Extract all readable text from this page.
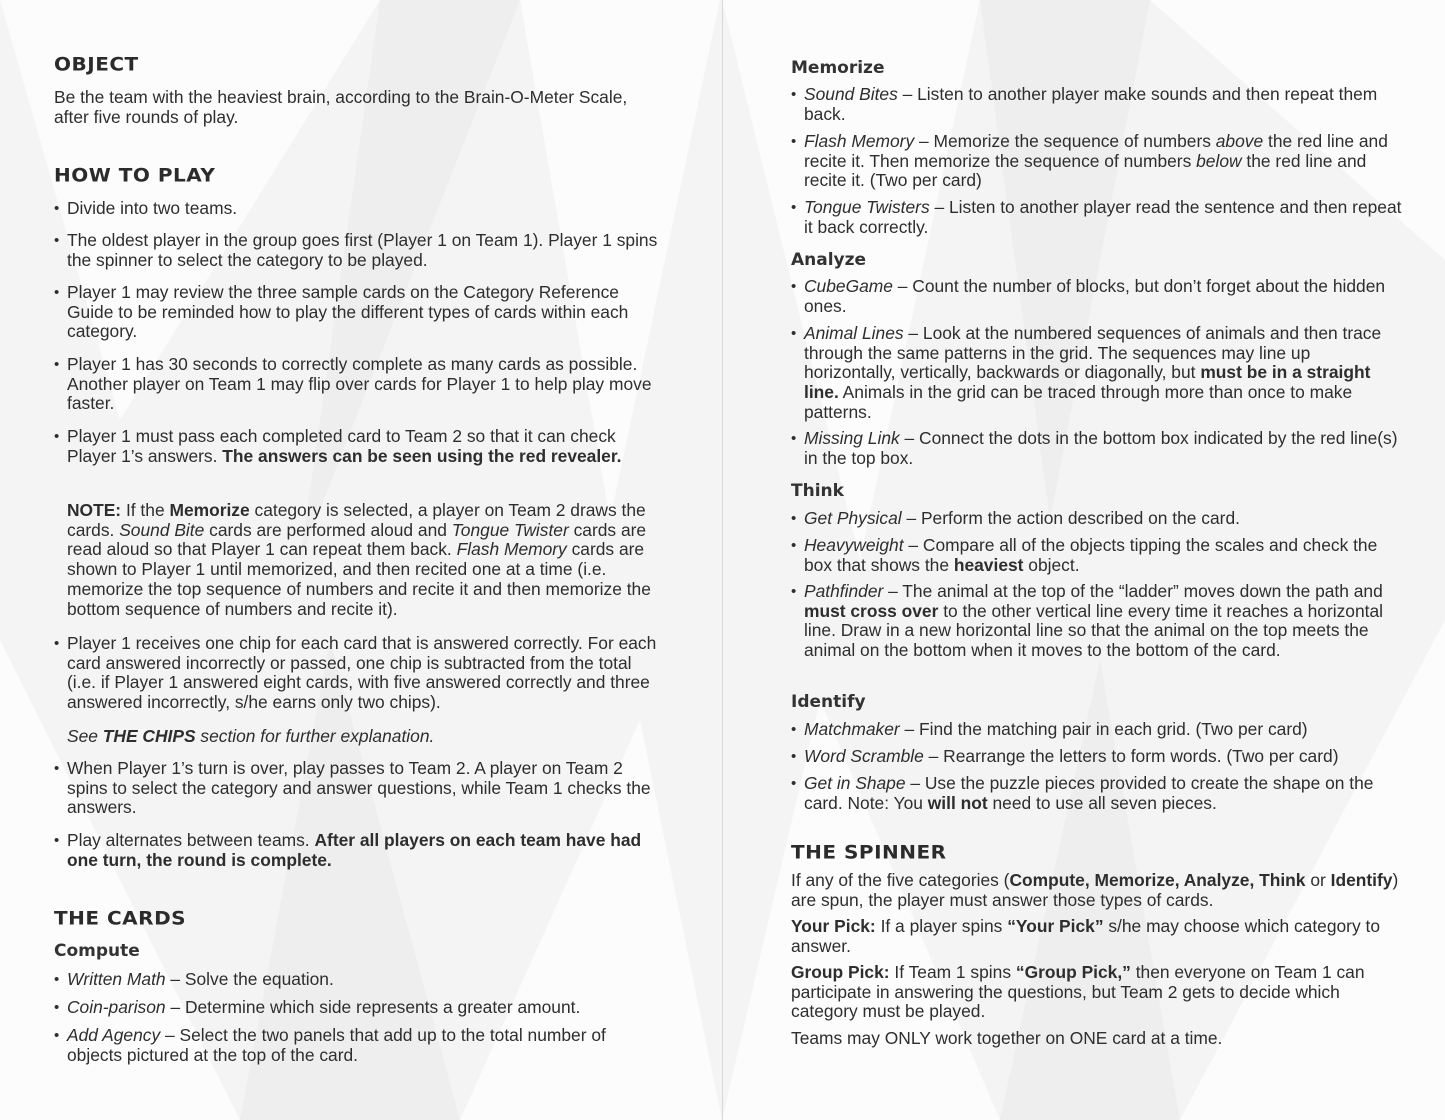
OBJECT

Be the team with the heaviest brain, according to the Brain-O-Meter Scale, after five rounds of play.

HOW TO PLAY

• Divide into two teams.

• The oldest player in the group goes first (Player 1 on Team 1). Player 1 spins the spinner to select the category to be played.

• Player 1 may review the three sample cards on the Category Reference Guide to be reminded how to play the different types of cards within each category.

• Player 1 has 30 seconds to correctly complete as many cards as possible. Another player on Team 1 may flip over cards for Player 1 to help play move faster.

• Player 1 must pass each completed card to Team 2 so that it can check Player 1’s answers. The answers can be seen using the red revealer.

NOTE: If the Memorize category is selected, a player on Team 2 draws the cards. Sound Bite cards are performed aloud and Tongue Twister cards are read aloud so that Player 1 can repeat them back. Flash Memory cards are shown to Player 1 until memorized, and then recited one at a time (i.e. memorize the top sequence of numbers and recite it and then memorize the bottom sequence of numbers and recite it).

• Player 1 receives one chip for each card that is answered correctly. For each card answered incorrectly or passed, one chip is subtracted from the total (i.e. if Player 1 answered eight cards, with five answered correctly and three answered incorrectly, s/he earns only two chips).

See THE CHIPS section for further explanation.

• When Player 1’s turn is over, play passes to Team 2. A player on Team 2 spins to select the category and answer questions, while Team 1 checks the answers.

• Play alternates between teams. After all players on each team have had one turn, the round is complete.

THE CARDS
Compute

• Written Math – Solve the equation.

• Coin-parison – Determine which side represents a greater amount.

• Add Agency – Select the two panels that add up to the total number of objects pictured at the top of the card.

Memorize

• Sound Bites – Listen to another player make sounds and then repeat them back.

• Flash Memory – Memorize the sequence of numbers above the red line and recite it. Then memorize the sequence of numbers below the red line and recite it. (Two per card)

• Tongue Twisters – Listen to another player read the sentence and then repeat it back correctly.

Analyze

• CubeGame – Count the number of blocks, but don’t forget about the hidden ones.

• Animal Lines – Look at the numbered sequences of animals and then trace through the same patterns in the grid. The sequences may line up horizontally, vertically, backwards or diagonally, but must be in a straight line. Animals in the grid can be traced through more than once to make patterns.

• Missing Link – Connect the dots in the bottom box indicated by the red line(s) in the top box.

Think

• Get Physical – Perform the action described on the card.

• Heavyweight – Compare all of the objects tipping the scales and check the box that shows the heaviest object.

• Pathfinder – The animal at the top of the “ladder” moves down the path and must cross over to the other vertical line every time it reaches a horizontal line. Draw in a new horizontal line so that the animal on the top meets the animal on the bottom when it moves to the bottom of the card.

Identify

• Matchmaker – Find the matching pair in each grid. (Two per card)

• Word Scramble – Rearrange the letters to form words. (Two per card)

• Get in Shape – Use the puzzle pieces provided to create the shape on the card. Note: You will not need to use all seven pieces.

THE SPINNER

If any of the five categories (Compute, Memorize, Analyze, Think or Identify) are spun, the player must answer those types of cards.

Your Pick: If a player spins “Your Pick” s/he may choose which category to answer.

Group Pick: If Team 1 spins “Group Pick,” then everyone on Team 1 can participate in answering the questions, but Team 2 gets to decide which category must be played.

Teams may ONLY work together on ONE card at a time.
